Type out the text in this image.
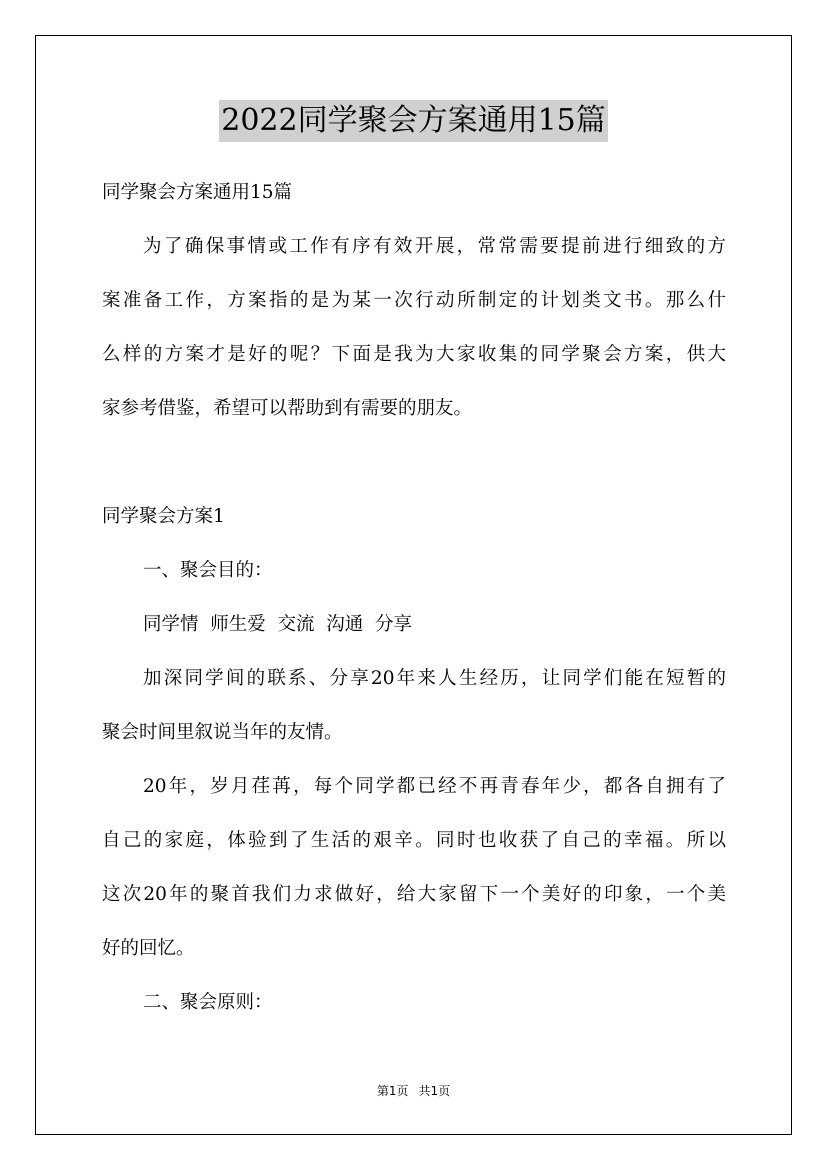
2022同学聚会方案通用15篇
同学聚会方案通用15篇
为了确保事情或工作有序有效开展，常常需要提前进行细致的方
案准备工作，方案指的是为某一次行动所制定的计划类文书。那么什
么样的方案才是好的呢？下面是我为大家收集的同学聚会方案，供大
家参考借鉴，希望可以帮助到有需要的朋友。
同学聚会方案1
一、聚会目的：
同学情  师生爱  交流  沟通  分享
加深同学间的联系、分享20年来人生经历，让同学们能在短暂的
聚会时间里叙说当年的友情。
20年，岁月荏苒，每个同学都已经不再青春年少，都各自拥有了
自己的家庭，体验到了生活的艰辛。同时也收获了自己的幸福。所以
这次20年的聚首我们力求做好，给大家留下一个美好的印象，一个美
好的回忆。
二、聚会原则：
第1页 共1页
